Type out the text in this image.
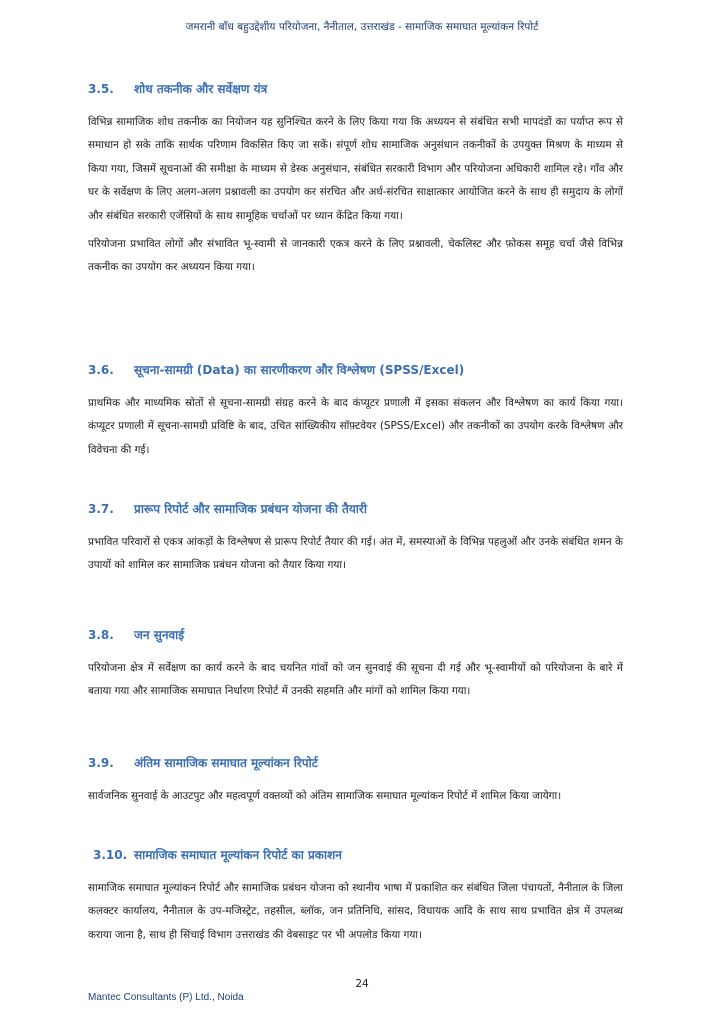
जमरानी बाँध बहुउद्देशीय परियोजना, नैनीताल, उत्तराखंड - सामाजिक समाघात मूल्यांकन रिपोर्ट
3.5.	शोध तकनीक और सर्वेक्षण यंत्र

विभिन्न सामाजिक शोध तकनीक का नियोजन यह सुनिश्चित करने के लिए किया गया कि अध्ययन से संबंधित सभी मापदंडों का पर्याप्त रूप से समाधान हो सके ताकि सार्थक परिणाम विकसित किए जा सकें। संपूर्ण शोध सामाजिक अनुसंधान तकनीकों के उपयुक्त मिश्रण के माध्यम से किया गया, जिसमें सूचनाओं की समीक्षा के माध्यम से डेस्क अनुसंधान, संबंधित सरकारी विभाग और परियोजना अधिकारी शामिल रहे। गाँव और घर के सर्वेक्षण के लिए अलग-अलग प्रश्नावली का उपयोग कर संरचित और अर्ध-संरचित साक्षात्कार आयोजित करने के साथ ही समुदाय के लोगों और संबंधित सरकारी एजेंसियों के साथ सामूहिक चर्चाओं पर ध्यान केंद्रित किया गया।

परियोजना प्रभावित लोगों और संभावित भू-स्वामी से जानकारी एकत्र करने के लिए प्रश्नावली, चेकलिस्ट और फ़ोकस समूह चर्चा जैसे विभिन्न तकनीक का उपयोग कर अध्ययन किया गया।

3.6.	सूचना-सामग्री (Data) का सारणीकरण और विश्लेषण (SPSS/Excel)

प्राथमिक और माध्यमिक स्रोतों से सूचना-सामग्री संग्रह करने के बाद कंप्यूटर प्रणाली में इसका संकलन और विश्लेषण का कार्य किया गया। कंप्यूटर प्रणाली में सूचना-सामग्री प्रविष्टि के बाद, उचित सांख्यिकीय सॉफ़्टवेयर (SPSS/Excel) और तकनीकों का उपयोग करके विश्लेषण और विवेचना की गई।

3.7.	प्रारूप रिपोर्ट और सामाजिक प्रबंधन योजना की तैयारी

प्रभावित परिवारों से एकत्र आंकड़ों के विश्लेषण से प्रारूप रिपोर्ट तैयार की गई। अंत में, समस्याओं के विभिन्न पहलुओं और उनके संबंधित शमन के उपायों को शामिल कर सामाजिक प्रबंधन योजना को तैयार किया गया।

3.8.	जन सुनवाई

परियोजना क्षेत्र में सर्वेक्षण का कार्य करने के बाद चयनित गांवों को जन सुनवाई की सूचना दी गई और भू-स्वामीयों को परियोजना के बारे में बताया गया और सामाजिक समाघात निर्धारण रिपोर्ट में उनकी सहमति और मांगों को शामिल किया गया।

3.9.	अंतिम सामाजिक समाघात मूल्यांकन रिपोर्ट

सार्वजनिक सुनवाई के आउटपुट और महत्वपूर्ण वक्तव्यों को अंतिम सामाजिक समाघात मूल्यांकन रिपोर्ट में शामिल किया जायेगा।

3.10. सामाजिक समाघात मूल्यांकन रिपोर्ट का प्रकाशन

सामाजिक समाघात मूल्यांकन रिपोर्ट और सामाजिक प्रबंधन योजना को स्थानीय भाषा में प्रकाशित कर संबंधित जिला पंचायतों, नैनीताल के जिला कलक्टर कार्यालय, नैनीताल के उप-मजिस्ट्रेट, तहसील, ब्लॉक, जन प्रतिनिधि, सांसद, विधायक आदि के साथ साथ प्रभावित क्षेत्र में उपलब्ध कराया जाना है, साथ ही सिंचाई विभाग उत्तराखंड की वेबसाइट पर भी अपलोड किया गया।

24
Mantec Consultants (P) Ltd., Noida
